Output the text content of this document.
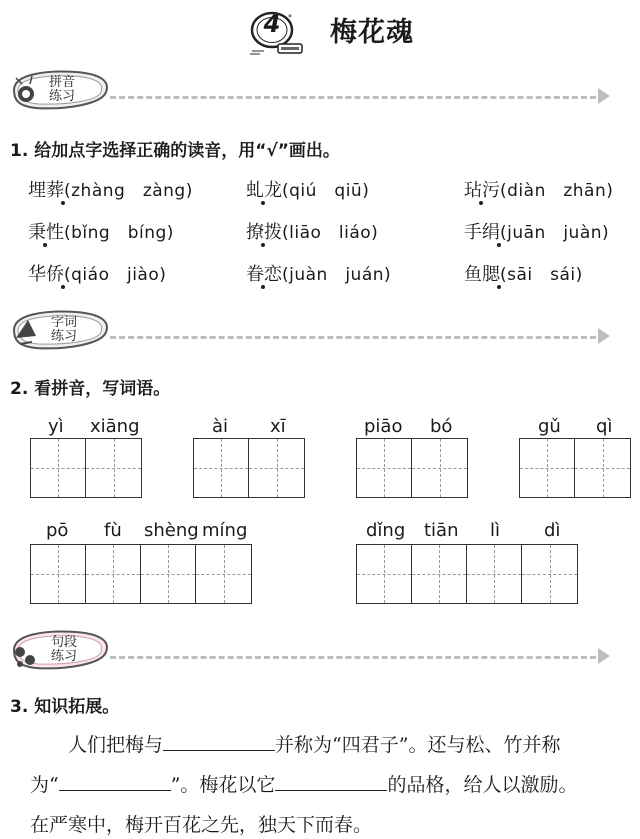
*
4	梅花魂
拼音
练习
1. 给加点字选择正确的读音，用“√”画出。
埋葬(zhàng　zàng)	虬龙(qiú　qiū)	玷污(diàn　zhān)
秉性(bǐng　bíng)	撩拨(liāo　liáo)	手绢(juān　juàn)
华侨(qiáo　jiào)	眷恋(juàn　juán)	鱼腮(sāi　sái)
字词
练习
2. 看拼音，写词语。
yì xiāng	ài xī	piāo bó	gǔ qì
pō fù shèng míng	dǐng tiān lì dì
句段
练习
3. 知识拓展。
人们把梅与	并称为“四君子”。还与松、竹并称
为“	”。梅花以它	的品格，给人以激励。
在严寒中，梅开百花之先，独天下而春。
